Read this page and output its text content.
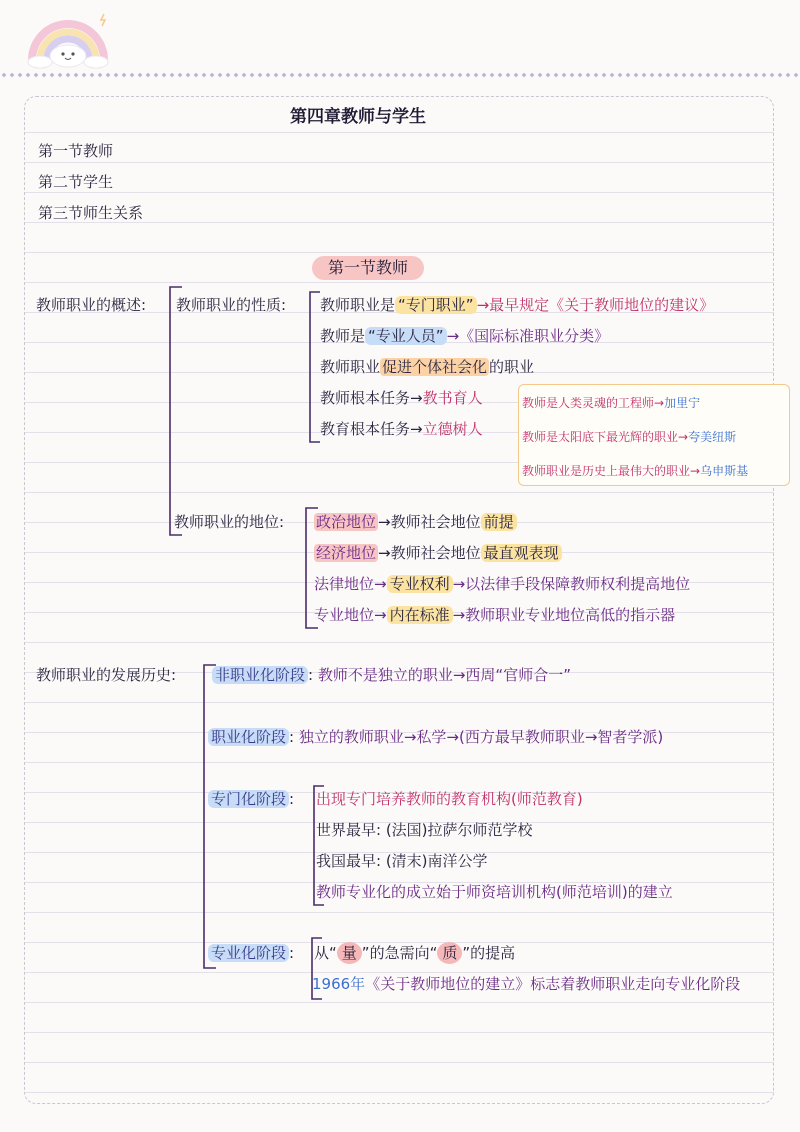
第四章教师与学生
第一节教师
第二节学生
第三节师生关系
第一节教师
教师职业的概述: 教师职业的性质: 教师职业是 “专门职业” →最早规定《关于教师地位的建议》
教师是 “专业人员” →《国际标准职业分类》
教师职业 促进个体社会化 的职业
教师根本任务→教书育人
教育根本任务→立德树人
教师是人类灵魂的工程师→加里宁
教师是太阳底下最光辉的职业→夸美纽斯
教师职业是历史上最伟大的职业→乌申斯基
教师职业的地位: 政治地位 →教师社会地位 前提
经济地位 →教师社会地位 最直观表现
法律地位→ 专业权利 →以法律手段保障教师权利提高地位
专业地位→ 内在标准 →教师职业专业地位高低的指示器
教师职业的发展历史:	非职业化阶段 : 教师不是独立的职业→西周“官师合一”
职业化阶段 : 独立的教师职业→私学→(西方最早教师职业→智者学派)
专门化阶段 : 出现专门培养教师的教育机构(师范教育)
世界最早: (法国)拉萨尔师范学校
我国最早: (清末)南洋公学
教师专业化的成立始于师资培训机构(师范培训)的建立
专业化阶段 : 从“ 量 ”的急需向“ 质 ”的提高
1966年《关于教师地位的建立》标志着教师职业走向专业化阶段
